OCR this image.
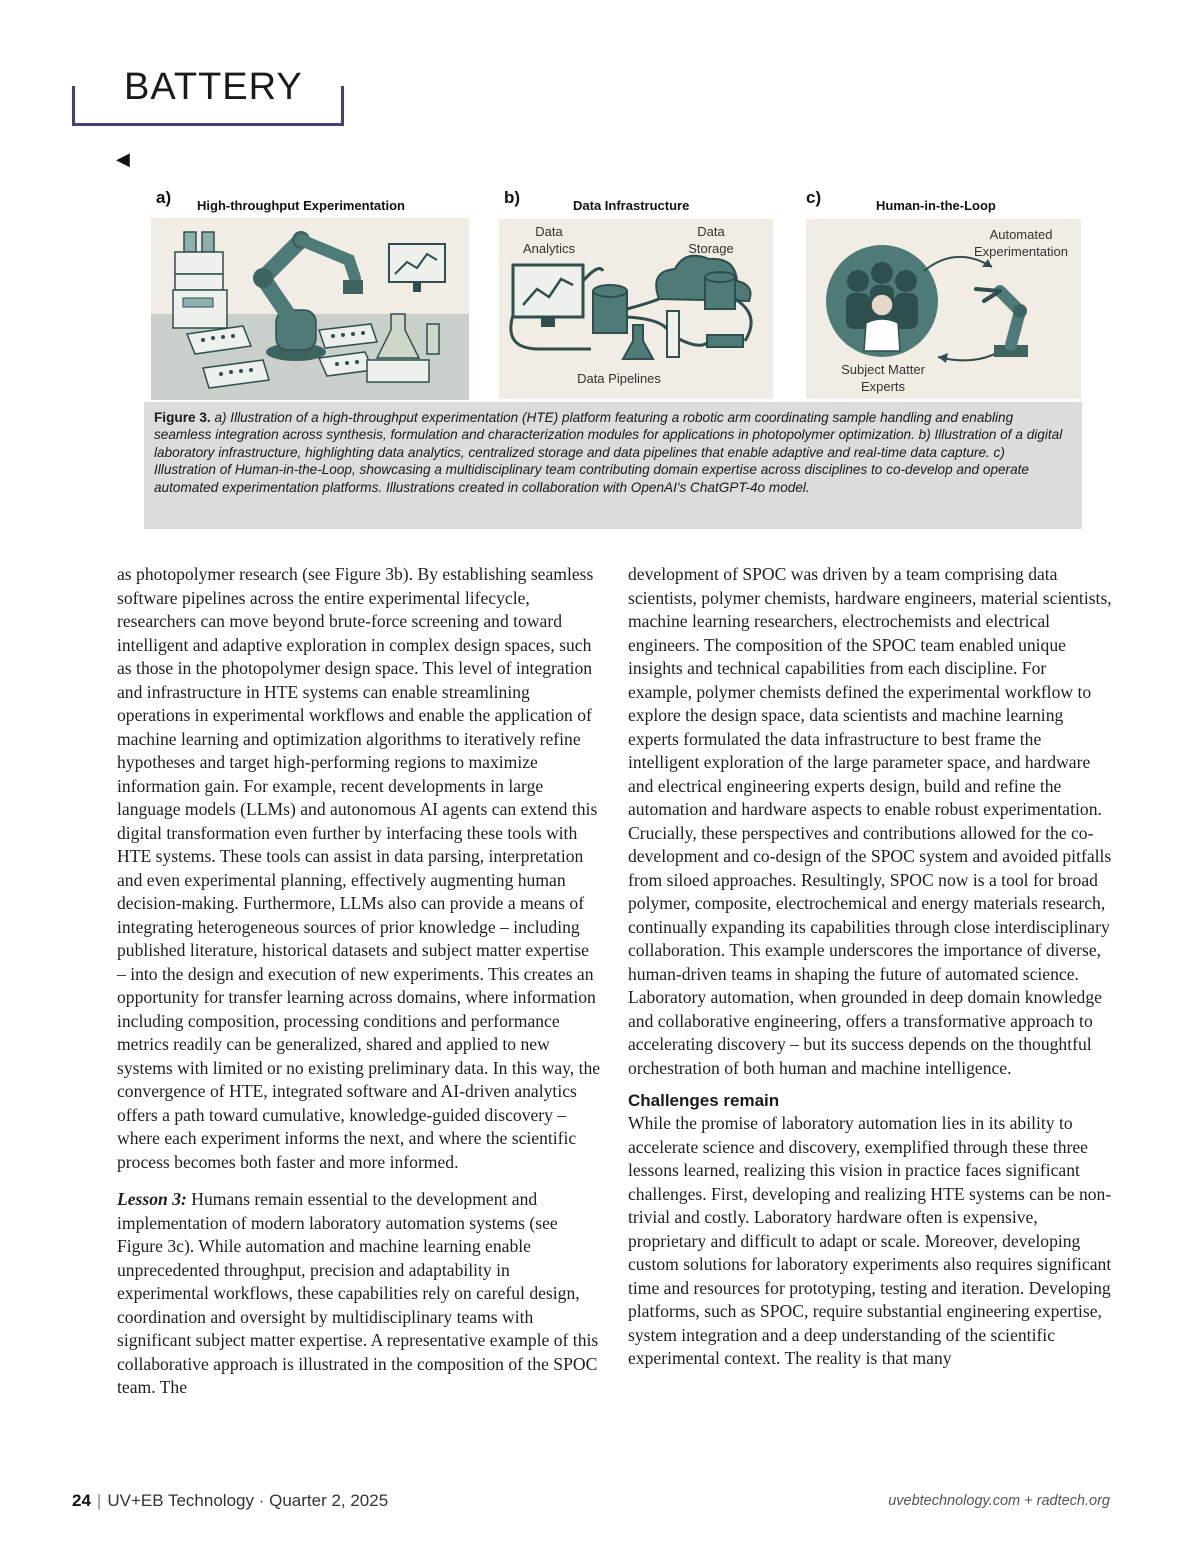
BATTERY
◀
a) High-throughput Experimentation	b)	Data Infrastructure
Data
Analytics
Data
Storage
Data Pipelines
c)	Human-in-the-Loop
Automated
Experimentation
Subject Matter
Experts
Figure 3. a) Illustration of a high-throughput experimentation (HTE) platform featuring a robotic arm coordinating sample handling and enabling seamless integration across synthesis, formulation and characterization modules for applications in photopolymer optimization. b) Illustration of a digital laboratory infrastructure, highlighting data analytics, centralized storage and data pipelines that enable adaptive and real-time data capture. c) Illustration of Human-in-the-Loop, showcasing a multidisciplinary team contributing domain expertise across disciplines to co-develop and operate automated experimentation platforms. Illustrations created in collaboration with OpenAI's ChatGPT-4o model.

as photopolymer research (see Figure 3b). By establishing seamless software pipelines across the entire experimental lifecycle, researchers can move beyond brute-force screening and toward intelligent and adaptive exploration in complex design spaces, such as those in the photopolymer design space. This level of integration and infrastructure in HTE systems can enable streamlining operations in experimental workflows and enable the application of machine learning and optimization algorithms to iteratively refine hypotheses and target high-performing regions to maximize information gain. For example, recent developments in large language models (LLMs) and autonomous AI agents can extend this digital transformation even further by interfacing these tools with HTE systems. These tools can assist in data parsing, interpretation and even experimental planning, effectively augmenting human decision-making. Furthermore, LLMs also can provide a means of integrating heterogeneous sources of prior knowledge – including published literature, historical datasets and subject matter expertise – into the design and execution of new experiments. This creates an opportunity for transfer learning across domains, where information including composition, processing conditions and performance metrics readily can be generalized, shared and applied to new systems with limited or no existing preliminary data. In this way, the convergence of HTE, integrated software and AI-driven analytics offers a path toward cumulative, knowledge-guided discovery – where each experiment informs the next, and where the scientific process becomes both faster and more informed.

Lesson 3: Humans remain essential to the development and implementation of modern laboratory automation systems (see Figure 3c). While automation and machine learning enable unprecedented throughput, precision and adaptability in experimental workflows, these capabilities rely on careful design, coordination and oversight by multidisciplinary teams with significant subject matter expertise. A representative example of this collaborative approach is illustrated in the composition of the SPOC team. The

development of SPOC was driven by a team comprising data scientists, polymer chemists, hardware engineers, material scientists, machine learning researchers, electrochemists and electrical engineers. The composition of the SPOC team enabled unique insights and technical capabilities from each discipline. For example, polymer chemists defined the experimental workflow to explore the design space, data scientists and machine learning experts formulated the data infrastructure to best frame the intelligent exploration of the large parameter space, and hardware and electrical engineering experts design, build and refine the automation and hardware aspects to enable robust experimentation. Crucially, these perspectives and contributions allowed for the co-development and co-design of the SPOC system and avoided pitfalls from siloed approaches. Resultingly, SPOC now is a tool for broad polymer, composite, electrochemical and energy materials research, continually expanding its capabilities through close interdisciplinary collaboration. This example underscores the importance of diverse, human-driven teams in shaping the future of automated science. Laboratory automation, when grounded in deep domain knowledge and collaborative engineering, offers a transformative approach to accelerating discovery – but its success depends on the thoughtful orchestration of both human and machine intelligence.

Challenges remain

While the promise of laboratory automation lies in its ability to accelerate science and discovery, exemplified through these three lessons learned, realizing this vision in practice faces significant challenges. First, developing and realizing HTE systems can be non-trivial and costly. Laboratory hardware often is expensive, proprietary and difficult to adapt or scale. Moreover, developing custom solutions for laboratory experiments also requires significant time and resources for prototyping, testing and iteration. Developing platforms, such as SPOC, require substantial engineering expertise, system integration and a deep understanding of the scientific experimental context. The reality is that many

24 | UV+EB Technology · Quarter 2, 2025	uvebtechnology.com + radtech.org
